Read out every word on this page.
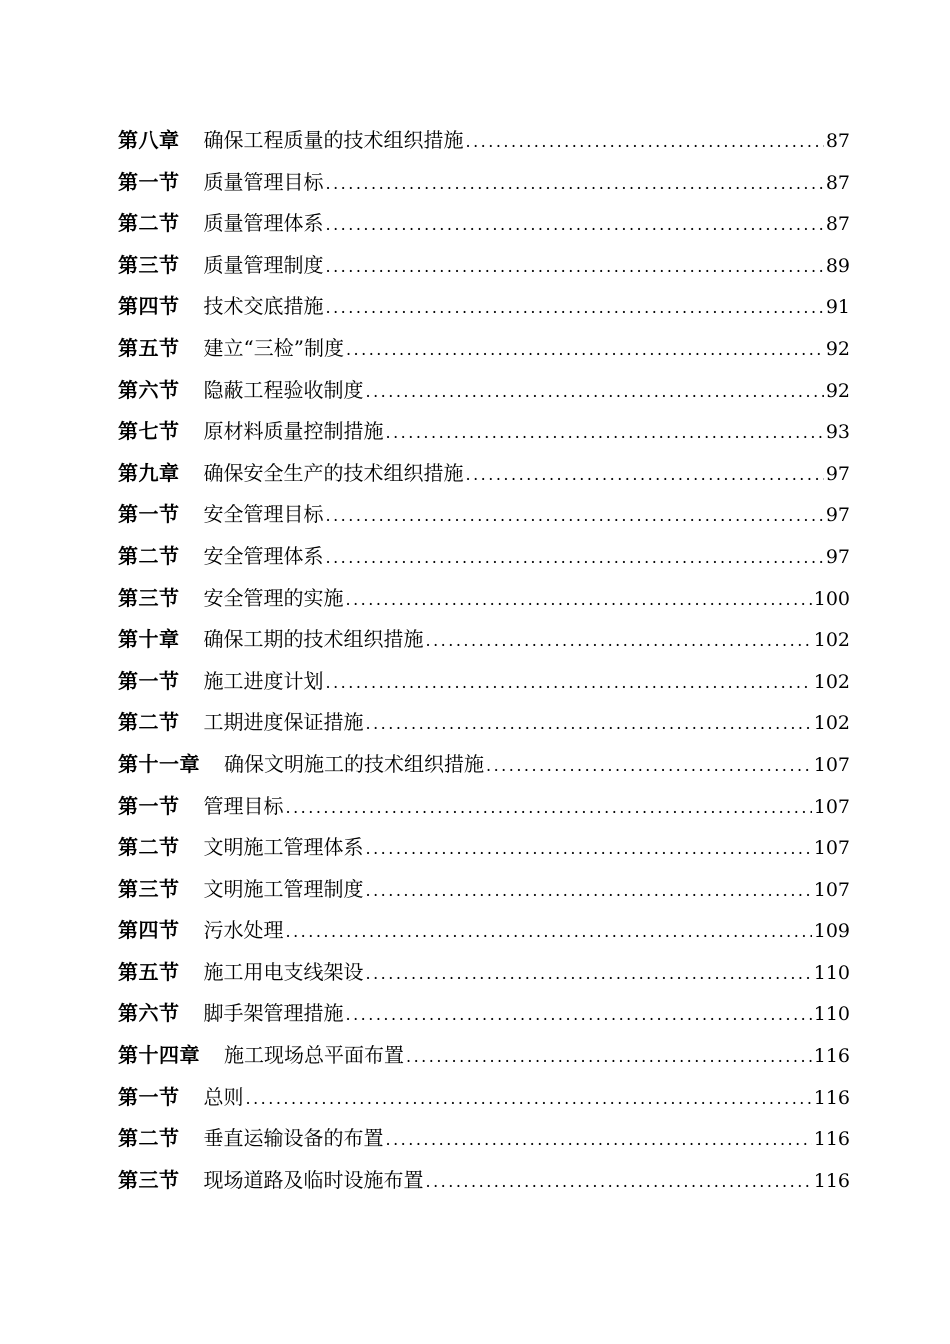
第八章 确保工程质量的技术组织措施 .....	87
第一节 质量管理目标 .....	87
第二节 质量管理体系 .....	87
第三节 质量管理制度 .....	89
第四节 技术交底措施 .....	91
第五节 建立“三检”制度 .....	92
第六节 隐蔽工程验收制度 .....	92
第七节 原材料质量控制措施 .....	93
第九章 确保安全生产的技术组织措施 .....	97
第一节 安全管理目标 .....	97
第二节 安全管理体系 .....	97
第三节 安全管理的实施 .....	100
第十章 确保工期的技术组织措施 .....	102
第一节 施工进度计划 .....	102
第二节 工期进度保证措施 .....	102
第十一章 确保文明施工的技术组织措施 .....	107
第一节 管理目标 .....	107
第二节 文明施工管理体系 .....	107
第三节 文明施工管理制度 .....	107
第四节 污水处理 .....	109
第五节 施工用电支线架设 .....	110
第六节 脚手架管理措施 .....	110
第十四章 施工现场总平面布置 .....	116
第一节 总则 .....	116
第二节 垂直运输设备的布置 .....	116
第三节 现场道路及临时设施布置 .....	116
